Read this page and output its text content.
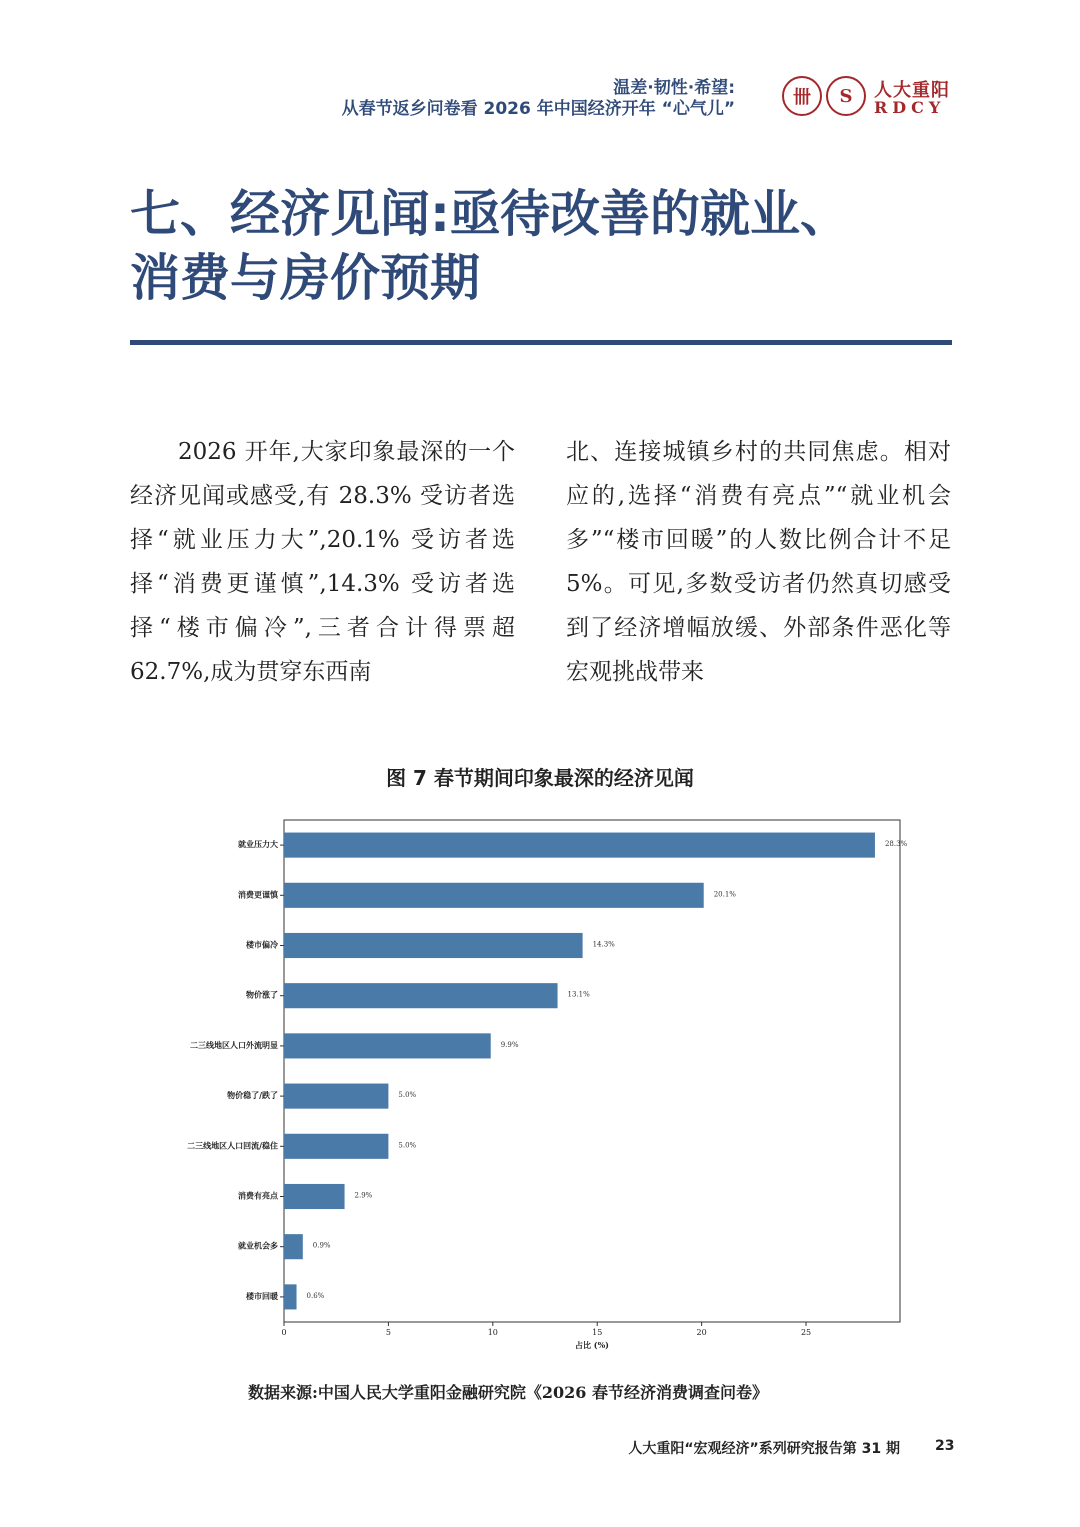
温差·韧性·希望:
从春节返乡问卷看 2026 年中国经济开年 “心气儿”
卌	S	人大重阳
RDCY
七、经济见闻:亟待改善的就业、
消费与房价预期
2026 开年,大家印象最深的一个经济见闻或感受,有 28.3% 受访者选择“就业压力大”,20.1% 受访者选择“消费更谨慎”,14.3% 受访者选择“楼市偏冷”,三者合计得票超 62.7%,成为贯穿东西南
北、连接城镇乡村的共同焦虑。相对应的,选择“消费有亮点”“就业机会多”“楼市回暖”的人数比例合计不足 5%。可见,多数受访者仍然真切感受到了经济增幅放缓、外部条件恶化等宏观挑战带来
图 7 春节期间印象最深的经济见闻
28.3%
就业压力大
20.1%
消费更谨慎
14.3%
楼市偏冷
13.1%
物价涨了
9.9%
二三线地区人口外流明显
5.0%
物价稳了/跌了
5.0%
二三线地区人口回流/稳住
2.9%
消费有亮点
0.9%
就业机会多
0.6%
楼市回暖
0	5	10	15	20	25
占比 (%)
数据来源:中国人民大学重阳金融研究院《2026 春节经济消费调查问卷》
人大重阳“宏观经济”系列研究报告第 31 期	23
